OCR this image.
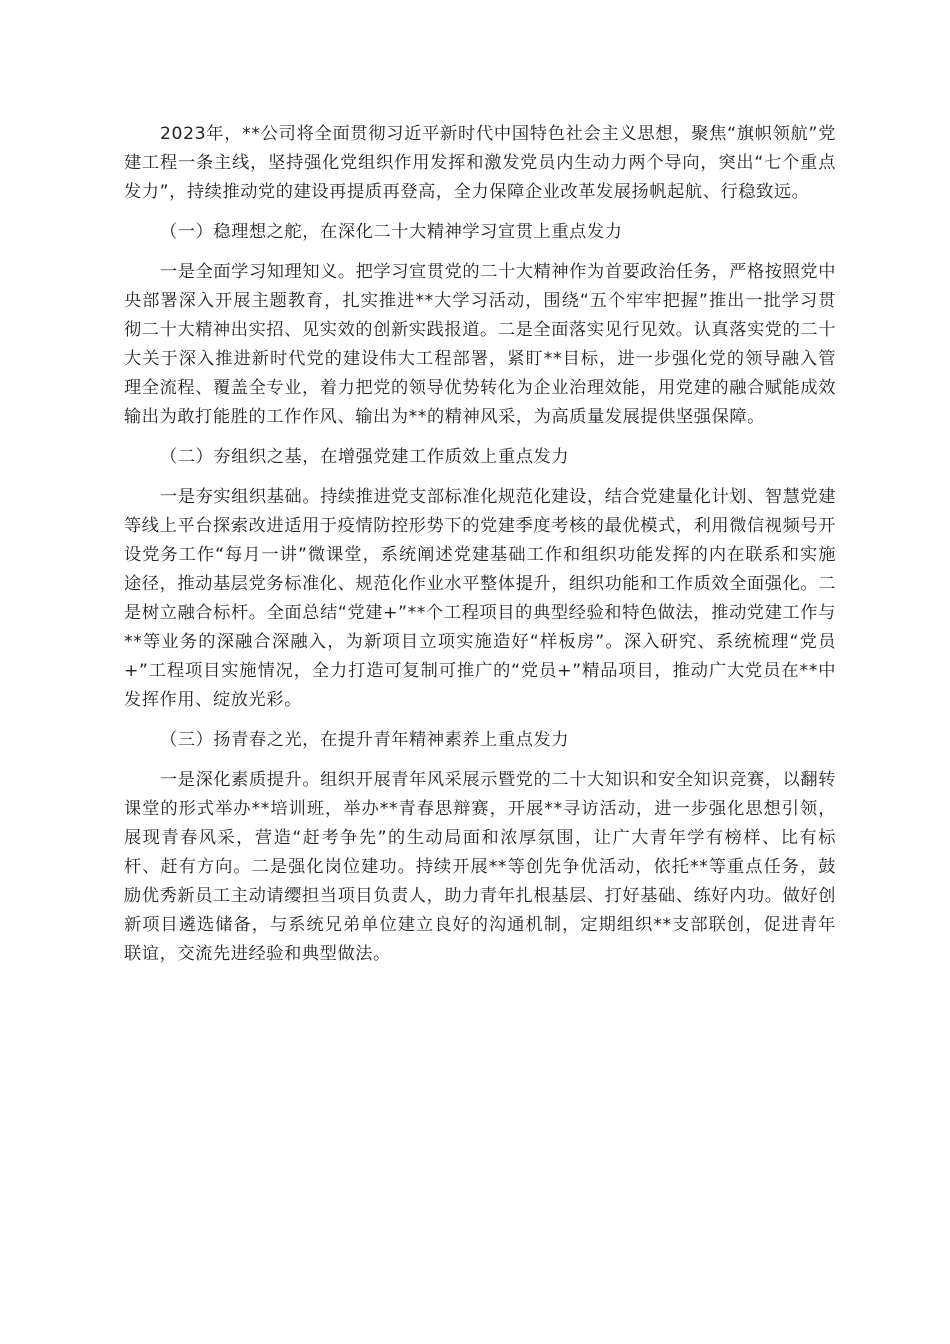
2023年，**公司将全面贯彻习近平新时代中国特色社会主义思想，聚焦“旗帜领航”党建工程一条主线，坚持强化党组织作用发挥和激发党员内生动力两个导向，突出“七个重点发力”，持续推动党的建设再提质再登高，全力保障企业改革发展扬帆起航、行稳致远。

（一）稳理想之舵，在深化二十大精神学习宣贯上重点发力

一是全面学习知理知义。把学习宣贯党的二十大精神作为首要政治任务，严格按照党中央部署深入开展主题教育，扎实推进**大学习活动，围绕“五个牢牢把握”推出一批学习贯彻二十大精神出实招、见实效的创新实践报道。二是全面落实见行见效。认真落实党的二十大关于深入推进新时代党的建设伟大工程部署，紧盯**目标，进一步强化党的领导融入管理全流程、覆盖全专业，着力把党的领导优势转化为企业治理效能，用党建的融合赋能成效输出为敢打能胜的工作作风、输出为**的精神风采，为高质量发展提供坚强保障。

（二）夯组织之基，在增强党建工作质效上重点发力

一是夯实组织基础。持续推进党支部标准化规范化建设，结合党建量化计划、智慧党建等线上平台探索改进适用于疫情防控形势下的党建季度考核的最优模式，利用微信视频号开设党务工作“每月一讲”微课堂，系统阐述党建基础工作和组织功能发挥的内在联系和实施途径，推动基层党务标准化、规范化作业水平整体提升，组织功能和工作质效全面强化。二是树立融合标杆。全面总结“党建+”**个工程项目的典型经验和特色做法，推动党建工作与**等业务的深融合深融入，为新项目立项实施造好“样板房”。深入研究、系统梳理“党员+”工程项目实施情况，全力打造可复制可推广的“党员+”精品项目，推动广大党员在**中发挥作用、绽放光彩。

（三）扬青春之光，在提升青年精神素养上重点发力

一是深化素质提升。组织开展青年风采展示暨党的二十大知识和安全知识竞赛，以翻转课堂的形式举办**培训班，举办**青春思辩赛，开展**寻访活动，进一步强化思想引领，展现青春风采，营造“赶考争先”的生动局面和浓厚氛围，让广大青年学有榜样、比有标杆、赶有方向。二是强化岗位建功。持续开展**等创先争优活动，依托**等重点任务，鼓励优秀新员工主动请缨担当项目负责人，助力青年扎根基层、打好基础、练好内功。做好创新项目遴选储备，与系统兄弟单位建立良好的沟通机制，定期组织**支部联创，促进青年联谊，交流先进经验和典型做法。
